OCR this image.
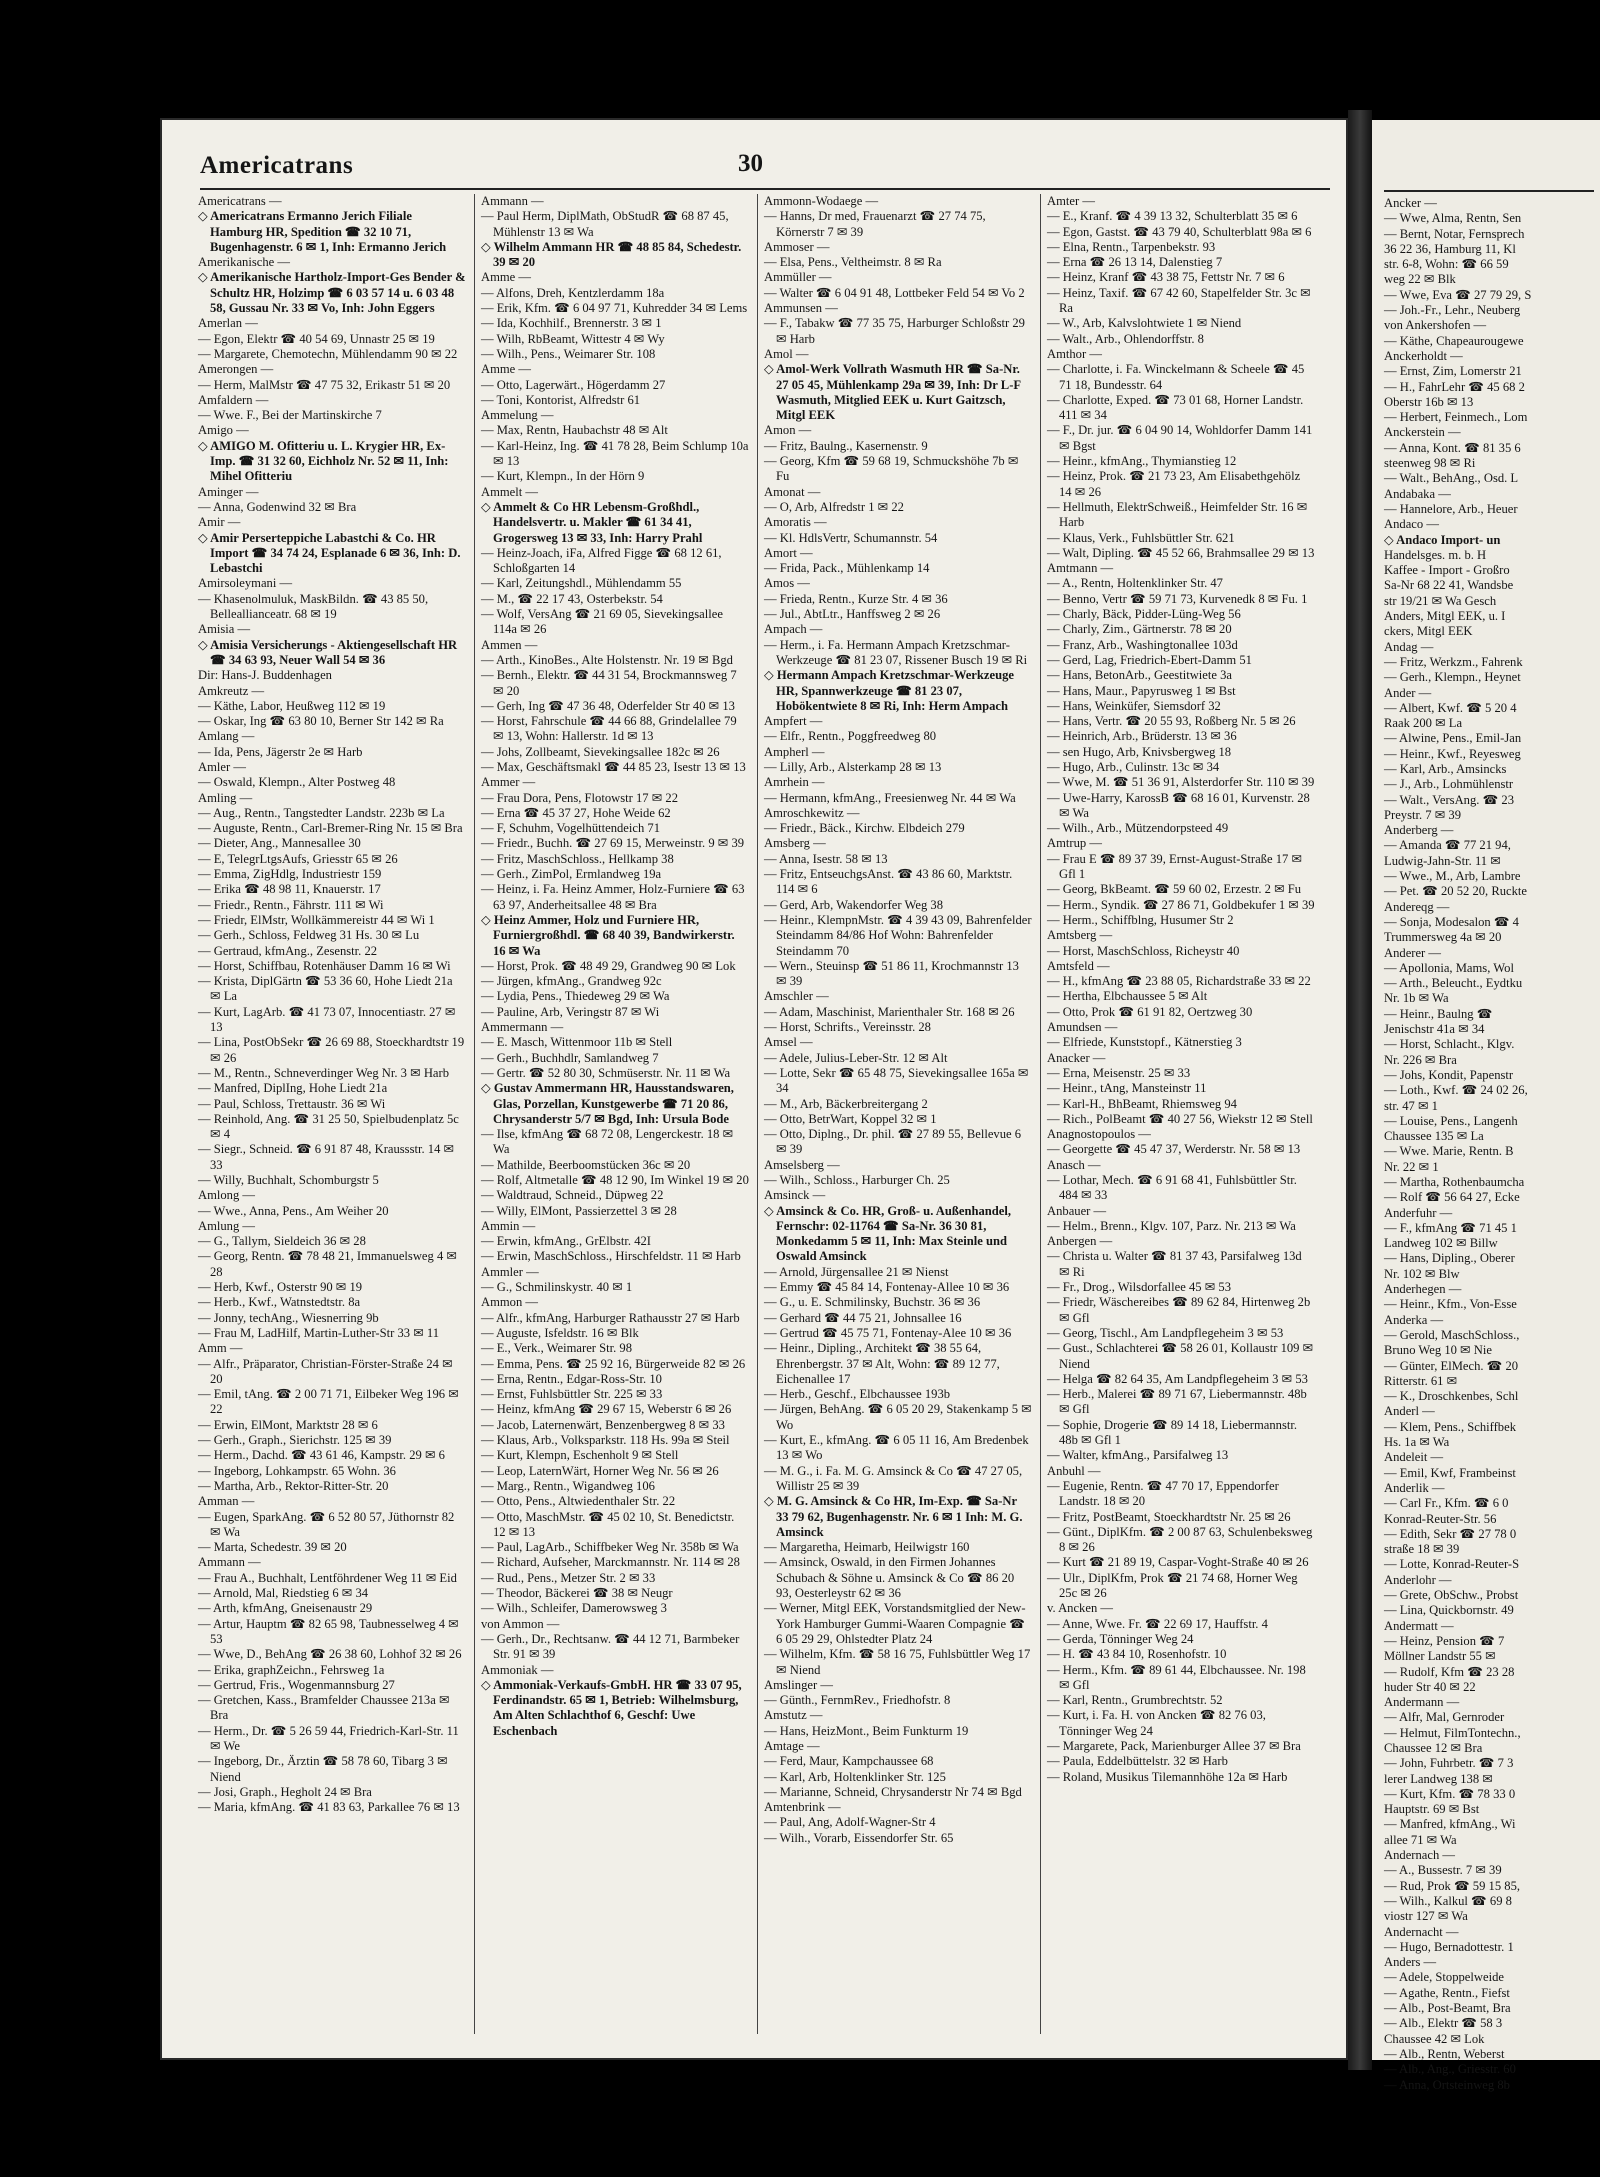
Americatrans	30

Americatrans —

◇ Americatrans Ermanno Jerich Filiale Hamburg HR, Spedition ☎ 32 10 71, Bugenhagenstr. 6 ✉ 1, Inh: Ermanno Jerich

Amerikanische —

◇ Amerikanische Hartholz-Import-Ges Bender & Schultz HR, Holzimp ☎ 6 03 57 14 u. 6 03 48 58, Gussau Nr. 33 ✉ Vo, Inh: John Eggers

Amerlan —

— Egon, Elektr ☎ 40 54 69, Unnastr 25 ✉ 19

— Margarete, Chemotechn, Mühlendamm 90 ✉ 22

Amerongen —

— Herm, MalMstr ☎ 47 75 32, Erikastr 51 ✉ 20

Amfaldern —

— Wwe. F., Bei der Martinskirche 7

Amigo —

◇ AMIGO M. Ofitteriu u. L. Krygier HR, Ex-Imp. ☎ 31 32 60, Eichholz Nr. 52 ✉ 11, Inh: Mihel Ofitteriu

Aminger —

— Anna, Godenwind 32 ✉ Bra

Amir —

◇ Amir Perserteppiche Labastchi & Co. HR Import ☎ 34 74 24, Esplanade 6 ✉ 36, Inh: D. Lebastchi

Amirsoleymani —

— Khasenolmuluk, MaskBildn. ☎ 43 85 50, Belleallianceatr. 68 ✉ 19

Amisia —

◇ Amisia Versicherungs - Aktiengesellschaft HR ☎ 34 63 93, Neuer Wall 54 ✉ 36

Dir: Hans-J. Buddenhagen

Amkreutz —

— Käthe, Labor, Heußweg 112 ✉ 19

— Oskar, Ing ☎ 63 80 10, Berner Str 142 ✉ Ra

Amlang —

— Ida, Pens, Jägerstr 2e ✉ Harb

Amler —

— Oswald, Klempn., Alter Postweg 48

Amling —

— Aug., Rentn., Tangstedter Landstr. 223b ✉ La

— Auguste, Rentn., Carl-Bremer-Ring Nr. 15 ✉ Bra

— Dieter, Ang., Mannesallee 30

— E, TelegrLtgsAufs, Griesstr 65 ✉ 26

— Emma, ZigHdlg, Industriestr 159

— Erika ☎ 48 98 11, Knauerstr. 17

— Friedr., Rentn., Fährstr. 111 ✉ Wi

— Friedr, ElMstr, Wollkämmereistr 44 ✉ Wi 1

— Gerh., Schloss, Feldweg 31 Hs. 30 ✉ Lu

— Gertraud, kfmAng., Zesenstr. 22

— Horst, Schiffbau, Rotenhäuser Damm 16 ✉ Wi

— Krista, DiplGärtn ☎ 53 36 60, Hohe Liedt 21a ✉ La

— Kurt, LagArb. ☎ 41 73 07, Innocentiastr. 27 ✉ 13

— Lina, PostObSekr ☎ 26 69 88, Stoeckhardtstr 19 ✉ 26

— M., Rentn., Schneverdinger Weg Nr. 3 ✉ Harb

— Manfred, DiplIng, Hohe Liedt 21a

— Paul, Schloss, Trettaustr. 36 ✉ Wi

— Reinhold, Ang. ☎ 31 25 50, Spielbudenplatz 5c ✉ 4

— Siegr., Schneid. ☎ 6 91 87 48, Kraussstr. 14 ✉ 33

— Willy, Buchhalt, Schomburgstr 5

Amlong —

— Wwe., Anna, Pens., Am Weiher 20

Amlung —

— G., Tallym, Sieldeich 36 ✉ 28

— Georg, Rentn. ☎ 78 48 21, Immanuelsweg 4 ✉ 28

— Herb, Kwf., Osterstr 90 ✉ 19

— Herb., Kwf., Watnstedtstr. 8a

— Jonny, techAng., Wiesnerring 9b

— Frau M, LadHilf, Martin-Luther-Str 33 ✉ 11

Amm —

— Alfr., Präparator, Christian-Förster-Straße 24 ✉ 20

— Emil, tAng. ☎ 2 00 71 71, Eilbeker Weg 196 ✉ 22

— Erwin, ElMont, Marktstr 28 ✉ 6

— Gerh., Graph., Sierichstr. 125 ✉ 39

— Herm., Dachd. ☎ 43 61 46, Kampstr. 29 ✉ 6

— Ingeborg, Lohkampstr. 65 Wohn. 36

— Martha, Arb., Rektor-Ritter-Str. 20

Amman —

— Eugen, SparkAng. ☎ 6 52 80 57, Jüthornstr 82 ✉ Wa

— Marta, Schedestr. 39 ✉ 20

Ammann —

— Frau A., Buchhalt, Lentföhrdener Weg 11 ✉ Eid

— Arnold, Mal, Riedstieg 6 ✉ 34

— Arth, kfmAng, Gneisenaustr 29

— Artur, Hauptm ☎ 82 65 98, Taubnesselweg 4 ✉ 53

— Wwe, D., BehAng ☎ 26 38 60, Lohhof 32 ✉ 26

— Erika, graphZeichn., Fehrsweg 1a

— Gertrud, Fris., Wogenmannsburg 27

— Gretchen, Kass., Bramfelder Chaussee 213a ✉ Bra

— Herm., Dr. ☎ 5 26 59 44, Friedrich-Karl-Str. 11 ✉ We

— Ingeborg, Dr., Ärztin ☎ 58 78 60, Tibarg 3 ✉ Niend

— Josi, Graph., Hegholt 24 ✉ Bra

— Maria, kfmAng. ☎ 41 83 63, Parkallee 76 ✉ 13

Ammann —

— Paul Herm, DiplMath, ObStudR ☎ 68 87 45, Mühlenstr 13 ✉ Wa

◇ Wilhelm Ammann HR ☎ 48 85 84, Schedestr. 39 ✉ 20

Amme —

— Alfons, Dreh, Kentzlerdamm 18a

— Erik, Kfm. ☎ 6 04 97 71, Kuhredder 34 ✉ Lems

— Ida, Kochhilf., Brennerstr. 3 ✉ 1

— Wilh, RbBeamt, Wittestr 4 ✉ Wy

— Wilh., Pens., Weimarer Str. 108

Amme —

— Otto, Lagerwärt., Högerdamm 27

— Toni, Kontorist, Alfredstr 61

Ammelung —

— Max, Rentn, Haubachstr 48 ✉ Alt

— Karl-Heinz, Ing. ☎ 41 78 28, Beim Schlump 10a ✉ 13

— Kurt, Klempn., In der Hörn 9

Ammelt —

◇ Ammelt & Co HR Lebensm-Großhdl., Handelsvertr. u. Makler ☎ 61 34 41, Grogersweg 13 ✉ 33, Inh: Harry Prahl

— Heinz-Joach, iFa, Alfred Figge ☎ 68 12 61, Schloßgarten 14

— Karl, Zeitungshdl., Mühlendamm 55

— M., ☎ 22 17 43, Osterbekstr. 54

— Wolf, VersAng ☎ 21 69 05, Sievekingsallee 114a ✉ 26

Ammen —

— Arth., KinoBes., Alte Holstenstr. Nr. 19 ✉ Bgd

— Bernh., Elektr. ☎ 44 31 54, Brockmannsweg 7 ✉ 20

— Gerh, Ing ☎ 47 36 48, Oderfelder Str 40 ✉ 13

— Horst, Fahrschule ☎ 44 66 88, Grindelallee 79 ✉ 13, Wohn: Hallerstr. 1d ✉ 13

— Johs, Zollbeamt, Sievekingsallee 182c ✉ 26

— Max, Geschäftsmakl ☎ 44 85 23, Isestr 13 ✉ 13

Ammer —

— Frau Dora, Pens, Flotowstr 17 ✉ 22

— Erna ☎ 45 37 27, Hohe Weide 62

— F, Schuhm, Vogelhüttendeich 71

— Friedr., Buchh. ☎ 27 69 15, Merweinstr. 9 ✉ 39

— Fritz, MaschSchloss., Hellkamp 38

— Gerh., ZimPol, Ermlandweg 19a

— Heinz, i. Fa. Heinz Ammer, Holz-Furniere ☎ 63 63 97, Anderheitsallee 48 ✉ Bra

◇ Heinz Ammer, Holz und Furniere HR, Furniergroßhdl. ☎ 68 40 39, Bandwirkerstr. 16 ✉ Wa

— Horst, Prok. ☎ 48 49 29, Grandweg 90 ✉ Lok

— Jürgen, kfmAng., Grandweg 92c

— Lydia, Pens., Thiedeweg 29 ✉ Wa

— Pauline, Arb, Veringstr 87 ✉ Wi

Ammermann —

— E. Masch, Wittenmoor 11b ✉ Stell

— Gerh., Buchhdlr, Samlandweg 7

— Gertr. ☎ 52 80 30, Schmüserstr. Nr. 11 ✉ Wa

◇ Gustav Ammermann HR, Hausstandswaren, Glas, Porzellan, Kunstgewerbe ☎ 71 20 86, Chrysanderstr 5/7 ✉ Bgd, Inh: Ursula Bode

— Ilse, kfmAng ☎ 68 72 08, Lengerckestr. 18 ✉ Wa

— Mathilde, Beerboomstücken 36c ✉ 20

— Rolf, Altmetalle ☎ 48 12 90, Im Winkel 19 ✉ 20

— Waldtraud, Schneid., Düpweg 22

— Willy, ElMont, Passierzettel 3 ✉ 28

Ammin —

— Erwin, kfmAng., GrElbstr. 42I

— Erwin, MaschSchloss., Hirschfeldstr. 11 ✉ Harb

Ammler —

— G., Schmilinskystr. 40 ✉ 1

Ammon —

— Alfr., kfmAng, Harburger Rathausstr 27 ✉ Harb

— Auguste, Isfeldstr. 16 ✉ Blk

— E., Verk., Weimarer Str. 98

— Emma, Pens. ☎ 25 92 16, Bürgerweide 82 ✉ 26

— Erna, Rentn., Edgar-Ross-Str. 10

— Ernst, Fuhlsbüttler Str. 225 ✉ 33

— Heinz, kfmAng ☎ 29 67 15, Weberstr 6 ✉ 26

— Jacob, Laternenwärt, Benzenbergweg 8 ✉ 33

— Klaus, Arb., Volksparkstr. 118 Hs. 99a ✉ Steil

— Kurt, Klempn, Eschenholt 9 ✉ Stell

— Leop, LaternWärt, Horner Weg Nr. 56 ✉ 26

— Marg., Rentn., Wigandweg 106

— Otto, Pens., Altwiedenthaler Str. 22

— Otto, MaschMstr. ☎ 45 02 10, St. Benedictstr. 12 ✉ 13

— Paul, LagArb., Schiffbeker Weg Nr. 358b ✉ Wa

— Richard, Aufseher, Marckmannstr. Nr. 114 ✉ 28

— Rud., Pens., Metzer Str. 2 ✉ 33

— Theodor, Bäckerei ☎ 38 ✉ Neugr

— Wilh., Schleifer, Damerowsweg 3

von Ammon —

— Gerh., Dr., Rechtsanw. ☎ 44 12 71, Barmbeker Str. 91 ✉ 39

Ammoniak —

◇ Ammoniak-Verkaufs-GmbH. HR ☎ 33 07 95, Ferdinandstr. 65 ✉ 1, Betrieb: Wilhelmsburg, Am Alten Schlachthof 6, Geschf: Uwe Eschenbach

Ammonn-Wodaege —

— Hanns, Dr med, Frauenarzt ☎ 27 74 75, Körnerstr 7 ✉ 39

Ammoser —

— Elsa, Pens., Veltheimstr. 8 ✉ Ra

Ammüller —

— Walter ☎ 6 04 91 48, Lottbeker Feld 54 ✉ Vo 2

Ammunsen —

— F., Tabakw ☎ 77 35 75, Harburger Schloßstr 29 ✉ Harb

Amol —

◇ Amol-Werk Vollrath Wasmuth HR ☎ Sa-Nr. 27 05 45, Mühlenkamp 29a ✉ 39, Inh: Dr L-F Wasmuth, Mitglied EEK u. Kurt Gaitzsch, Mitgl EEK

Amon —

— Fritz, Baulng., Kasernenstr. 9

— Georg, Kfm ☎ 59 68 19, Schmuckshöhe 7b ✉ Fu

Amonat —

— O, Arb, Alfredstr 1 ✉ 22

Amoratis —

— Kl. HdlsVertr, Schumannstr. 54

Amort —

— Frida, Pack., Mühlenkamp 14

Amos —

— Frieda, Rentn., Kurze Str. 4 ✉ 36

— Jul., AbtLtr., Hanffsweg 2 ✉ 26

Ampach —

— Herm., i. Fa. Hermann Ampach Kretzschmar-Werkzeuge ☎ 81 23 07, Rissener Busch 19 ✉ Ri

◇ Hermann Ampach Kretzschmar-Werkzeuge HR, Spannwerkzeuge ☎ 81 23 07, Hobökentwiete 8 ✉ Ri, Inh: Herm Ampach

Ampfert —

— Elfr., Rentn., Poggfreedweg 80

Ampherl —

— Lilly, Arb., Alsterkamp 28 ✉ 13

Amrhein —

— Hermann, kfmAng., Freesienweg Nr. 44 ✉ Wa

Amroschkewitz —

— Friedr., Bäck., Kirchw. Elbdeich 279

Amsberg —

— Anna, Isestr. 58 ✉ 13

— Fritz, EntseuchgsAnst. ☎ 43 86 60, Marktstr. 114 ✉ 6

— Gerd, Arb, Wakendorfer Weg 38

— Heinr., KlempnMstr. ☎ 4 39 43 09, Bahrenfelder Steindamm 84/86 Hof Wohn: Bahrenfelder Steindamm 70

— Wern., Steuinsp ☎ 51 86 11, Krochmannstr 13 ✉ 39

Amschler —

— Adam, Maschinist, Marienthaler Str. 168 ✉ 26

— Horst, Schrifts., Vereinsstr. 28

Amsel —

— Adele, Julius-Leber-Str. 12 ✉ Alt

— Lotte, Sekr ☎ 65 48 75, Sievekingsallee 165a ✉ 34

— M., Arb, Bäckerbreitergang 2

— Otto, BetrWart, Koppel 32 ✉ 1

— Otto, Diplng., Dr. phil. ☎ 27 89 55, Bellevue 6 ✉ 39

Amselsberg —

— Wilh., Schloss., Harburger Ch. 25

Amsinck —

◇ Amsinck & Co. HR, Groß- u. Außenhandel, Fernschr: 02-11764 ☎ Sa-Nr. 36 30 81, Monkedamm 5 ✉ 11, Inh: Max Steinle und Oswald Amsinck

— Arnold, Jürgensallee 21 ✉ Nienst

— Emmy ☎ 45 84 14, Fontenay-Allee 10 ✉ 36

— G., u. E. Schmilinsky, Buchstr. 36 ✉ 36

— Gerhard ☎ 44 75 21, Johnsallee 16

— Gertrud ☎ 45 75 71, Fontenay-Alee 10 ✉ 36

— Heinr., Dipling., Architekt ☎ 38 55 64, Ehrenbergstr. 37 ✉ Alt, Wohn: ☎ 89 12 77, Eichenallee 17

— Herb., Geschf., Elbchaussee 193b

— Jürgen, BehAng. ☎ 6 05 20 29, Stakenkamp 5 ✉ Wo

— Kurt, E., kfmAng. ☎ 6 05 11 16, Am Bredenbek 13 ✉ Wo

— M. G., i. Fa. M. G. Amsinck & Co ☎ 47 27 05, Willistr 25 ✉ 39

◇ M. G. Amsinck & Co HR, Im-Exp. ☎ Sa-Nr 33 79 62, Bugenhagenstr. Nr. 6 ✉ 1 Inh: M. G. Amsinck

— Margaretha, Heimarb, Heilwigstr 160

— Amsinck, Oswald, in den Firmen Johannes Schubach & Söhne u. Amsinck & Co ☎ 86 20 93, Oesterleystr 62 ✉ 36

— Werner, Mitgl EEK, Vorstandsmitglied der New-York Hamburger Gummi-Waaren Compagnie ☎ 6 05 29 29, Ohlstedter Platz 24

— Wilhelm, Kfm. ☎ 58 16 75, Fuhlsbüttler Weg 17 ✉ Niend

Amslinger —

— Günth., FernmRev., Friedhofstr. 8

Amstutz —

— Hans, HeizMont., Beim Funkturm 19

Amtage —

— Ferd, Maur, Kampchaussee 68

— Karl, Arb, Holtenklinker Str. 125

— Marianne, Schneid, Chrysanderstr Nr 74 ✉ Bgd

Amtenbrink —

— Paul, Ang, Adolf-Wagner-Str 4

— Wilh., Vorarb, Eissendorfer Str. 65

Amter —

— E., Kranf. ☎ 4 39 13 32, Schulterblatt 35 ✉ 6

— Egon, Gastst. ☎ 43 79 40, Schulterblatt 98a ✉ 6

— Elna, Rentn., Tarpenbekstr. 93

— Erna ☎ 26 13 14, Dalenstieg 7

— Heinz, Kranf ☎ 43 38 75, Fettstr Nr. 7 ✉ 6

— Heinz, Taxif. ☎ 67 42 60, Stapelfelder Str. 3c ✉ Ra

— W., Arb, Kalvslohtwiete 1 ✉ Niend

— Walt., Arb., Ohlendorffstr. 8

Amthor —

— Charlotte, i. Fa. Winckelmann & Scheele ☎ 45 71 18, Bundesstr. 64

— Charlotte, Exped. ☎ 73 01 68, Horner Landstr. 411 ✉ 34

— F., Dr. jur. ☎ 6 04 90 14, Wohldorfer Damm 141 ✉ Bgst

— Heinr., kfmAng., Thymianstieg 12

— Heinz, Prok. ☎ 21 73 23, Am Elisabethgehölz 14 ✉ 26

— Hellmuth, ElektrSchweiß., Heimfelder Str. 16 ✉ Harb

— Klaus, Verk., Fuhlsbüttler Str. 621

— Walt, Dipling. ☎ 45 52 66, Brahmsallee 29 ✉ 13

Amtmann —

— A., Rentn, Holtenklinker Str. 47

— Benno, Vertr ☎ 59 71 73, Kurvenedk 8 ✉ Fu. 1

— Charly, Bäck, Pidder-Lüng-Weg 56

— Charly, Zim., Gärtnerstr. 78 ✉ 20

— Franz, Arb., Washingtonallee 103d

— Gerd, Lag, Friedrich-Ebert-Damm 51

— Hans, BetonArb., Geestitwiete 3a

— Hans, Maur., Papyrusweg 1 ✉ Bst

— Hans, Weinküfer, Siemsdorf 32

— Hans, Vertr. ☎ 20 55 93, Roßberg Nr. 5 ✉ 26

— Heinrich, Arb., Brüderstr. 13 ✉ 36

— sen Hugo, Arb, Knivsbergweg 18

— Hugo, Arb., Culinstr. 13c ✉ 34

— Wwe, M. ☎ 51 36 91, Alsterdorfer Str. 110 ✉ 39

— Uwe-Harry, KarossB ☎ 68 16 01, Kurvenstr. 28 ✉ Wa

— Wilh., Arb., Mützendorpsteed 49

Amtrup —

— Frau E ☎ 89 37 39, Ernst-August-Straße 17 ✉ Gfl 1

— Georg, BkBeamt. ☎ 59 60 02, Erzestr. 2 ✉ Fu

— Herm., Syndik. ☎ 27 86 71, Goldbekufer 1 ✉ 39

— Herm., Schiffblng, Husumer Str 2

Amtsberg —

— Horst, MaschSchloss, Richeystr 40

Amtsfeld —

— H., kfmAng ☎ 23 88 05, Richardstraße 33 ✉ 22

— Hertha, Elbchaussee 5 ✉ Alt

— Otto, Prok ☎ 61 91 82, Oertzweg 30

Amundsen —

— Elfriede, Kunststopf., Kätnerstieg 3

Anacker —

— Erna, Meisenstr. 25 ✉ 33

— Heinr., tAng, Mansteinstr 11

— Karl-H., BhBeamt, Rhiemsweg 94

— Rich., PolBeamt ☎ 40 27 56, Wiekstr 12 ✉ Stell

Anagnostopoulos —

— Georgette ☎ 45 47 37, Werderstr. Nr. 58 ✉ 13

Anasch —

— Lothar, Mech. ☎ 6 91 68 41, Fuhlsbüttler Str. 484 ✉ 33

Anbauer —

— Helm., Brenn., Klgv. 107, Parz. Nr. 213 ✉ Wa

Anbergen —

— Christa u. Walter ☎ 81 37 43, Parsifalweg 13d ✉ Ri

— Fr., Drog., Wilsdorfallee 45 ✉ 53

— Friedr, Wäschereibes ☎ 89 62 84, Hirtenweg 2b ✉ Gfl

— Georg, Tischl., Am Landpflegeheim 3 ✉ 53

— Gust., Schlachterei ☎ 58 26 01, Kollaustr 109 ✉ Niend

— Helga ☎ 82 64 35, Am Landpflegeheim 3 ✉ 53

— Herb., Malerei ☎ 89 71 67, Liebermannstr. 48b ✉ Gfl

— Sophie, Drogerie ☎ 89 14 18, Liebermannstr. 48b ✉ Gfl 1

— Walter, kfmAng., Parsifalweg 13

Anbuhl —

— Eugenie, Rentn. ☎ 47 70 17, Eppendorfer Landstr. 18 ✉ 20

— Fritz, PostBeamt, Stoeckhardtstr Nr. 25 ✉ 26

— Günt., DiplKfm. ☎ 2 00 87 63, Schulenbeksweg 8 ✉ 26

— Kurt ☎ 21 89 19, Caspar-Voght-Straße 40 ✉ 26

— Ulr., DiplKfm, Prok ☎ 21 74 68, Horner Weg 25c ✉ 26

v. Ancken —

— Anne, Wwe. Fr. ☎ 22 69 17, Hauffstr. 4

— Gerda, Tönninger Weg 24

— H. ☎ 43 84 10, Rosenhofstr. 10

— Herm., Kfm. ☎ 89 61 44, Elbchaussee. Nr. 198 ✉ Gfl

— Karl, Rentn., Grumbrechtstr. 52

— Kurt, i. Fa. H. von Ancken ☎ 82 76 03, Tönninger Weg 24

— Margarete, Pack, Marienburger Allee 37 ✉ Bra

— Paula, Eddelbüttelstr. 32 ✉ Harb

— Roland, Musikus Tilemannhöhe 12a ✉ Harb

Ancker —
— Wwe, Alma, Rentn, Sen
— Bernt, Notar, Fernsprech
36 22 36, Hamburg 11, Kl
str. 6-8, Wohn: ☎ 66 59
weg 22 ✉ Blk
— Wwe, Eva ☎ 27 79 29, S
— Joh.-Fr., Lehr., Neuberg
von Ankershofen —
— Käthe, Chapeaurougewe
Anckerholdt —
— Ernst, Zim, Lomerstr 21
— H., FahrLehr ☎ 45 68 2
Oberstr 16b ✉ 13
— Herbert, Feinmech., Lom
Anckerstein —
— Anna, Kont. ☎ 81 35 6
steenweg 98 ✉ Ri
— Walt., BehAng., Osd. L
Andabaka —
— Hannelore, Arb., Heuer
Andaco —
◇ Andaco Import- un
Handelsges. m. b. H
Kaffee - Import - Großro
Sa-Nr 68 22 41, Wandsbe
str 19/21 ✉ Wa Gesch
Anders, Mitgl EEK, u. I
ckers, Mitgl EEK
Andag —
— Fritz, Werkzm., Fahrenk
— Gerh., Klempn., Heynet
Ander —
— Albert, Kwf. ☎ 5 20 4
Raak 200 ✉ La
— Alwine, Pens., Emil-Jan
— Heinr., Kwf., Reyesweg
— Karl, Arb., Amsincks
— J., Arb., Lohmühlenstr
— Walt., VersAng. ☎ 23
Preystr. 7 ✉ 39
Anderberg —
— Amanda ☎ 77 21 94,
Ludwig-Jahn-Str. 11 ✉
— Wwe., M., Arb, Lambre
— Pet. ☎ 20 52 20, Ruckte
Andereqg —
— Sonja, Modesalon ☎ 4
Trummersweg 4a ✉ 20
Anderer —
— Apollonia, Mams, Wol
— Arth., Beleucht., Eydtku
Nr. 1b ✉ Wa
— Heinr., Baulng ☎
Jenischstr 41a ✉ 34
— Horst, Schlacht., Klgv.
Nr. 226 ✉ Bra
— Johs, Kondit, Papenstr
— Loth., Kwf. ☎ 24 02 26,
str. 47 ✉ 1
— Louise, Pens., Langenh
Chaussee 135 ✉ La
— Wwe. Marie, Rentn. B
Nr. 22 ✉ 1
— Martha, Rothenbaumcha
— Rolf ☎ 56 64 27, Ecke
Anderfuhr —
— F., kfmAng ☎ 71 45 1
Landweg 102 ✉ Billw
— Hans, Dipling., Oberer
Nr. 102 ✉ Blw
Anderhegen —
— Heinr., Kfm., Von-Esse
Anderka —
— Gerold, MaschSchloss.,
Bruno Weg 10 ✉ Nie
— Günter, ElMech. ☎ 20
Ritterstr. 61 ✉
— K., Droschkenbes, Schl
Anderl —
— Klem, Pens., Schiffbek
Hs. 1a ✉ Wa
Andeleit —
— Emil, Kwf, Frambeinst
Anderlik —
— Carl Fr., Kfm. ☎ 6 0
Konrad-Reuter-Str. 56
— Edith, Sekr ☎ 27 78 0
straße 18 ✉ 39
— Lotte, Konrad-Reuter-S
Anderlohr —
— Grete, ObSchw., Probst
— Lina, Quickbornstr. 49
Andermatt —
— Heinz, Pension ☎ 7
Möllner Landstr 55 ✉
— Rudolf, Kfm ☎ 23 28
huder Str 40 ✉ 22
Andermann —
— Alfr, Mal, Gernroder
— Helmut, FilmTontechn.,
Chaussee 12 ✉ Bra
— John, Fuhrbetr. ☎ 7 3
lerer Landweg 138 ✉
— Kurt, Kfm. ☎ 78 33 0
Hauptstr. 69 ✉ Bst
— Manfred, kfmAng., Wi
allee 71 ✉ Wa
Andernach —
— A., Bussestr. 7 ✉ 39
— Rud, Prok ☎ 59 15 85,
— Wilh., Kalkul ☎ 69 8
viostr 127 ✉ Wa
Andernacht —
— Hugo, Bernadottestr. 1
Anders —
— Adele, Stoppelweide
— Agathe, Rentn., Fiefst
— Alb., Post-Beamt, Bra
— Alb., Elektr ☎ 58 3
Chaussee 42 ✉ Lok
— Alb., Rentn, Weberst
— Alb., Ang., Griesstr. 60
— Anna, Ortsteinweg 8b
